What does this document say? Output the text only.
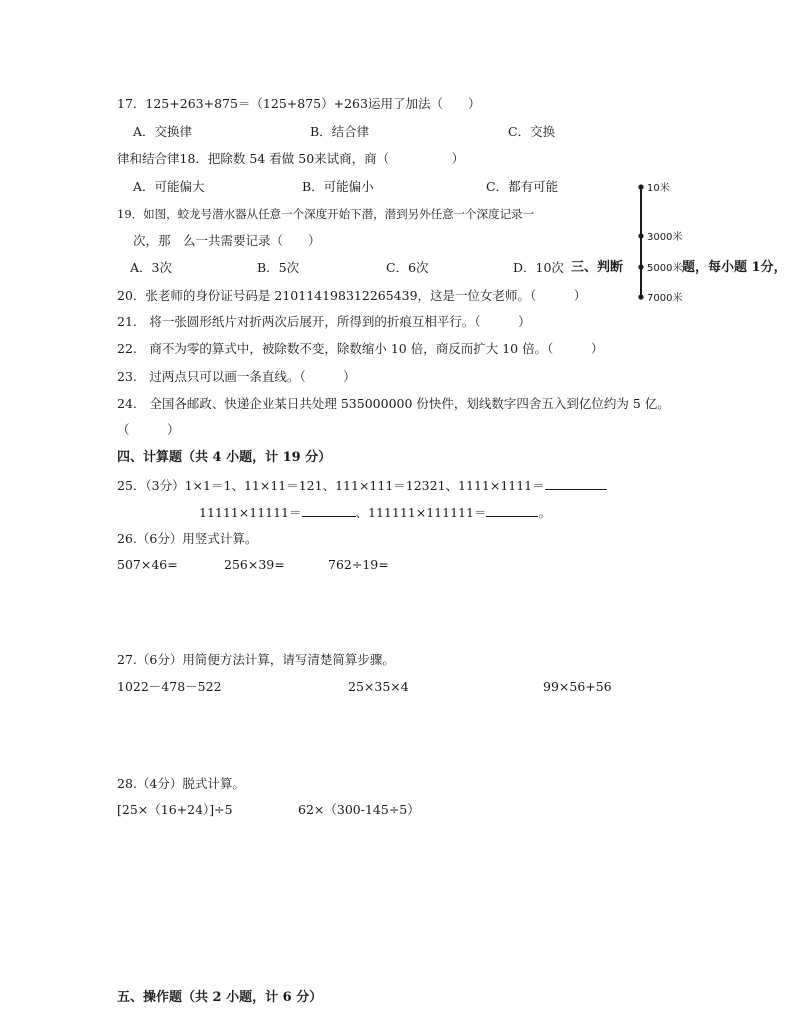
17．125+263+875＝（125+875）+263运用了加法（　　）
A．交换律	B．结合律	C．交换
律和结合律18．把除数 54 看做 50来试商，商（　　　　　）
A．可能偏大	B．可能偏小	C．都有可能
19．如图，蛟龙号潜水器从任意一个深度开始下潜，潜到另外任意一个深度记录一
次，那　么一共需要记录（　　）
A．3次	B．5次	C．6次	D．10次 三、判断	题，每小题 1分，
10米
3000米
5000米
7000米
20．张老师的身份证号码是 210114198312265439，这是一位女老师。（　　　）
21.　将一张圆形纸片对折两次后展开，所得到的折痕互相平行。（　　　）
22.　商不为零的算式中，被除数不变，除数缩小 10 倍，商反而扩大 10 倍。（　　　）
23.　过两点只可以画一条直线。（　　　）
24.　全国各邮政、快递企业某日共处理 535000000 份快件，划线数字四舍五入到亿位约为 5 亿。
（　　　）
四、计算题（共 4 小题，计 19 分）
25．（3分）1×1＝1、11×11＝121、111×111＝12321、1111×1111＝
11111×11111＝	、111111×111111＝	。
26.（6分）用竖式计算。
507×46=	256×39=	762÷19=
27.（6分）用简便方法计算，请写清楚简算步骤。
1022－478－522	25×35×4	99×56+56
28.（4分）脱式计算。
[25×（16+24）]÷5	62×（300-145÷5）
五、操作题（共 2 小题，计 6 分）
